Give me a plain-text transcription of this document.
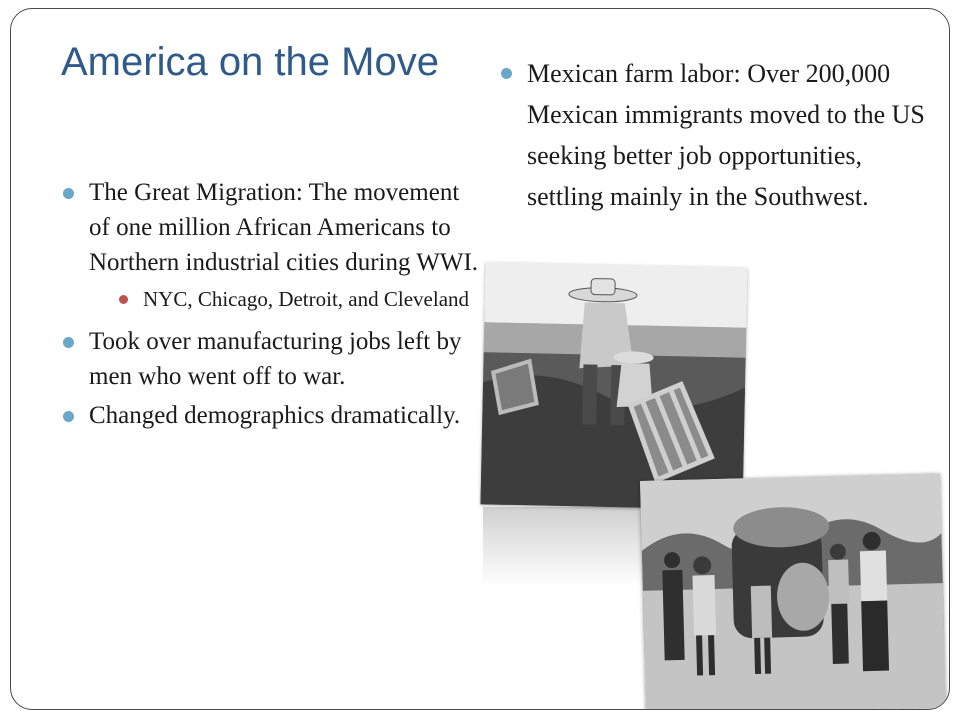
America on the Move
The Great Migration: The movement of one million African Americans to Northern industrial cities during WWI.
NYC, Chicago, Detroit, and Cleveland
Took over manufacturing jobs left by men who went off to war.
Changed demographics dramatically.
Mexican farm labor: Over 200,000 Mexican immigrants moved to the US seeking better job opportunities, settling mainly in the Southwest.
